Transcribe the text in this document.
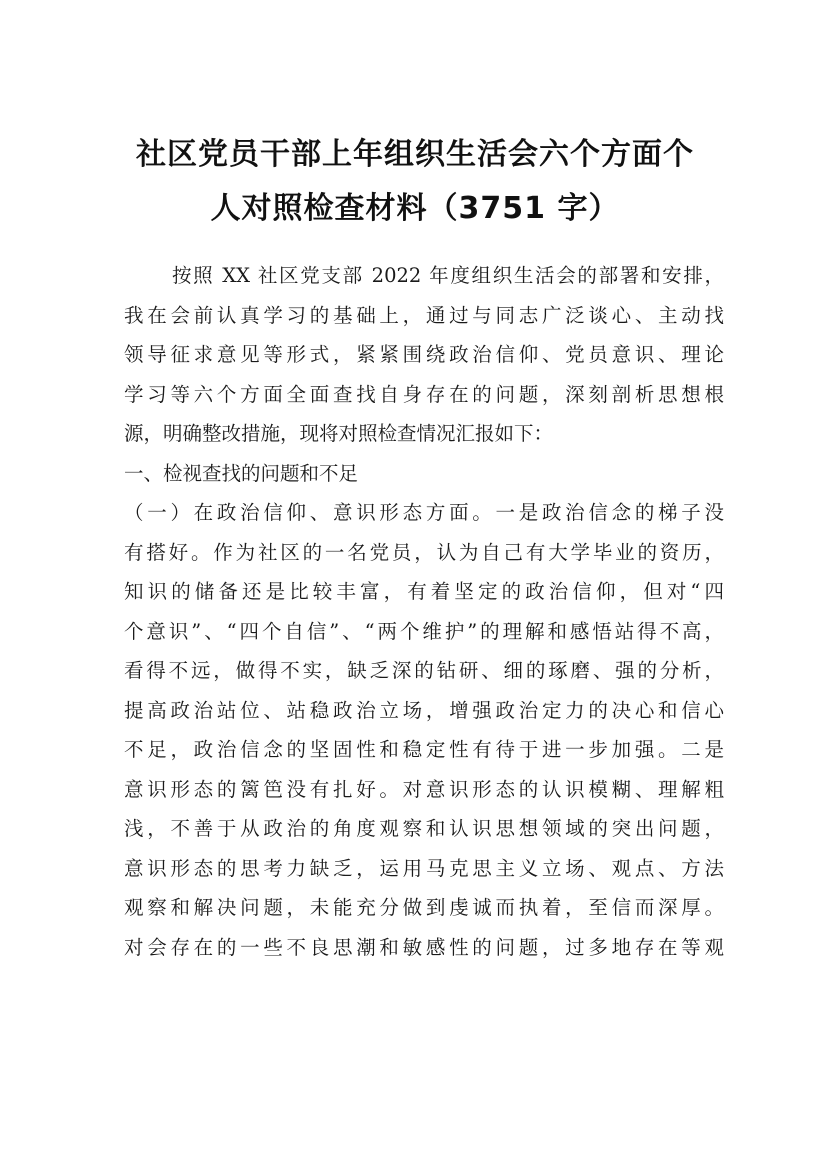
社区党员干部上年组织生活会六个方面个
人对照检查材料（3751 字）
按照 XX 社区党支部 2022 年度组织生活会的部署和安排，
我在会前认真学习的基础上，通过与同志广泛谈心、主动找
领导征求意见等形式，紧紧围绕政治信仰、党员意识、理论
学习等六个方面全面查找自身存在的问题，深刻剖析思想根
源，明确整改措施，现将对照检查情况汇报如下：
一、检视查找的问题和不足
（一）在政治信仰、意识形态方面。一是政治信念的梯子没
有搭好。作为社区的一名党员，认为自己有大学毕业的资历，
知识的储备还是比较丰富，有着坚定的政治信仰，但对“四
个意识”、“四个自信”、“两个维护”的理解和感悟站得不高，
看得不远，做得不实，缺乏深的钻研、细的琢磨、强的分析，
提高政治站位、站稳政治立场，增强政治定力的决心和信心
不足，政治信念的坚固性和稳定性有待于进一步加强。二是
意识形态的篱笆没有扎好。对意识形态的认识模糊、理解粗
浅，不善于从政治的角度观察和认识思想领域的突出问题，
意识形态的思考力缺乏，运用马克思主义立场、观点、方法
观察和解决问题，未能充分做到虔诚而执着，至信而深厚。
对会存在的一些不良思潮和敏感性的问题，过多地存在等观
